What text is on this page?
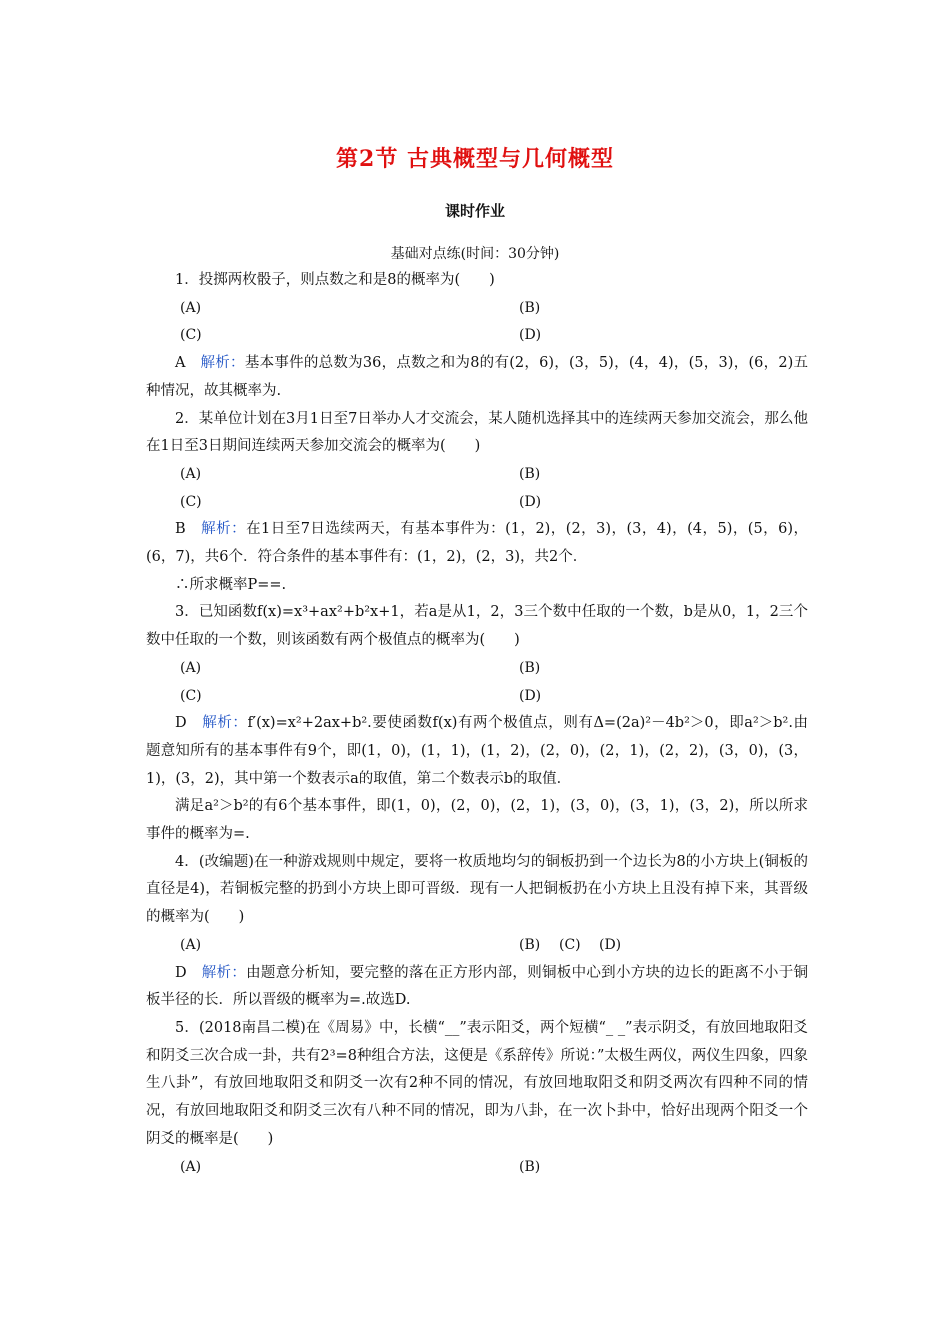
第2节 古典概型与几何概型
课时作业
基础对点练(时间：30分钟)

1．投掷两枚骰子，则点数之和是8的概率为(　　)

(A)	(B)
(C)	(D)

A　 解析：基本事件的总数为36，点数之和为8的有(2，6)，(3，5)，(4，4)，(5，3)，(6，2)五种情况，故其概率为.

2．某单位计划在3月1日至7日举办人才交流会，某人随机选择其中的连续两天参加交流会，那么他在1日至3日期间连续两天参加交流会的概率为(　　)

(A)	(B)
(C)	(D)

B　 解析：在1日至7日选续两天，有基本事件为：(1，2)，(2，3)，(3，4)，(4，5)，(5，6)，(6，7)，共6个．符合条件的基本事件有：(1，2)，(2，3)，共2个．

∴所求概率P==.

3．已知函数f(x)=x³+ax²+b²x+1，若a是从1，2，3三个数中任取的一个数，b是从0，1，2三个数中任取的一个数，则该函数有两个极值点的概率为(　　)

(A)	(B)
(C)	(D)

D　 解析：f′(x)=x²+2ax+b².要使函数f(x)有两个极值点，则有Δ=(2a)²－4b²＞0，即a²＞b².由题意知所有的基本事件有9个，即(1，0)，(1，1)，(1，2)，(2，0)，(2，1)，(2，2)，(3，0)，(3，1)，(3，2)，其中第一个数表示a的取值，第二个数表示b的取值．

满足a²＞b²的有6个基本事件，即(1，0)，(2，0)，(2，1)，(3，0)，(3，1)，(3，2)，所以所求事件的概率为=.

4．(改编题)在一种游戏规则中规定，要将一枚质地均匀的铜板扔到一个边长为8的小方块上(铜板的直径是4)，若铜板完整的扔到小方块上即可晋级．现有一人把铜板扔在小方块上且没有掉下来，其晋级的概率为(　　)

(A)	(B)	(C)	(D)

D　 解析：由题意分析知，要完整的落在正方形内部，则铜板中心到小方块的边长的距离不小于铜板半径的长．所以晋级的概率为=.故选D.

5．(2018南昌二模)在《周易》中，长横“__”表示阳爻，两个短横“_ _”表示阴爻，有放回地取阳爻和阴爻三次合成一卦，共有2³=8种组合方法，这便是《系辞传》所说：”太极生两仪，两仪生四象，四象生八卦”，有放回地取阳爻和阴爻一次有2种不同的情况，有放回地取阳爻和阴爻两次有四种不同的情况，有放回地取阳爻和阴爻三次有八种不同的情况，即为八卦，在一次卜卦中，恰好出现两个阳爻一个阴爻的概率是(　　)

(A)	(B)
